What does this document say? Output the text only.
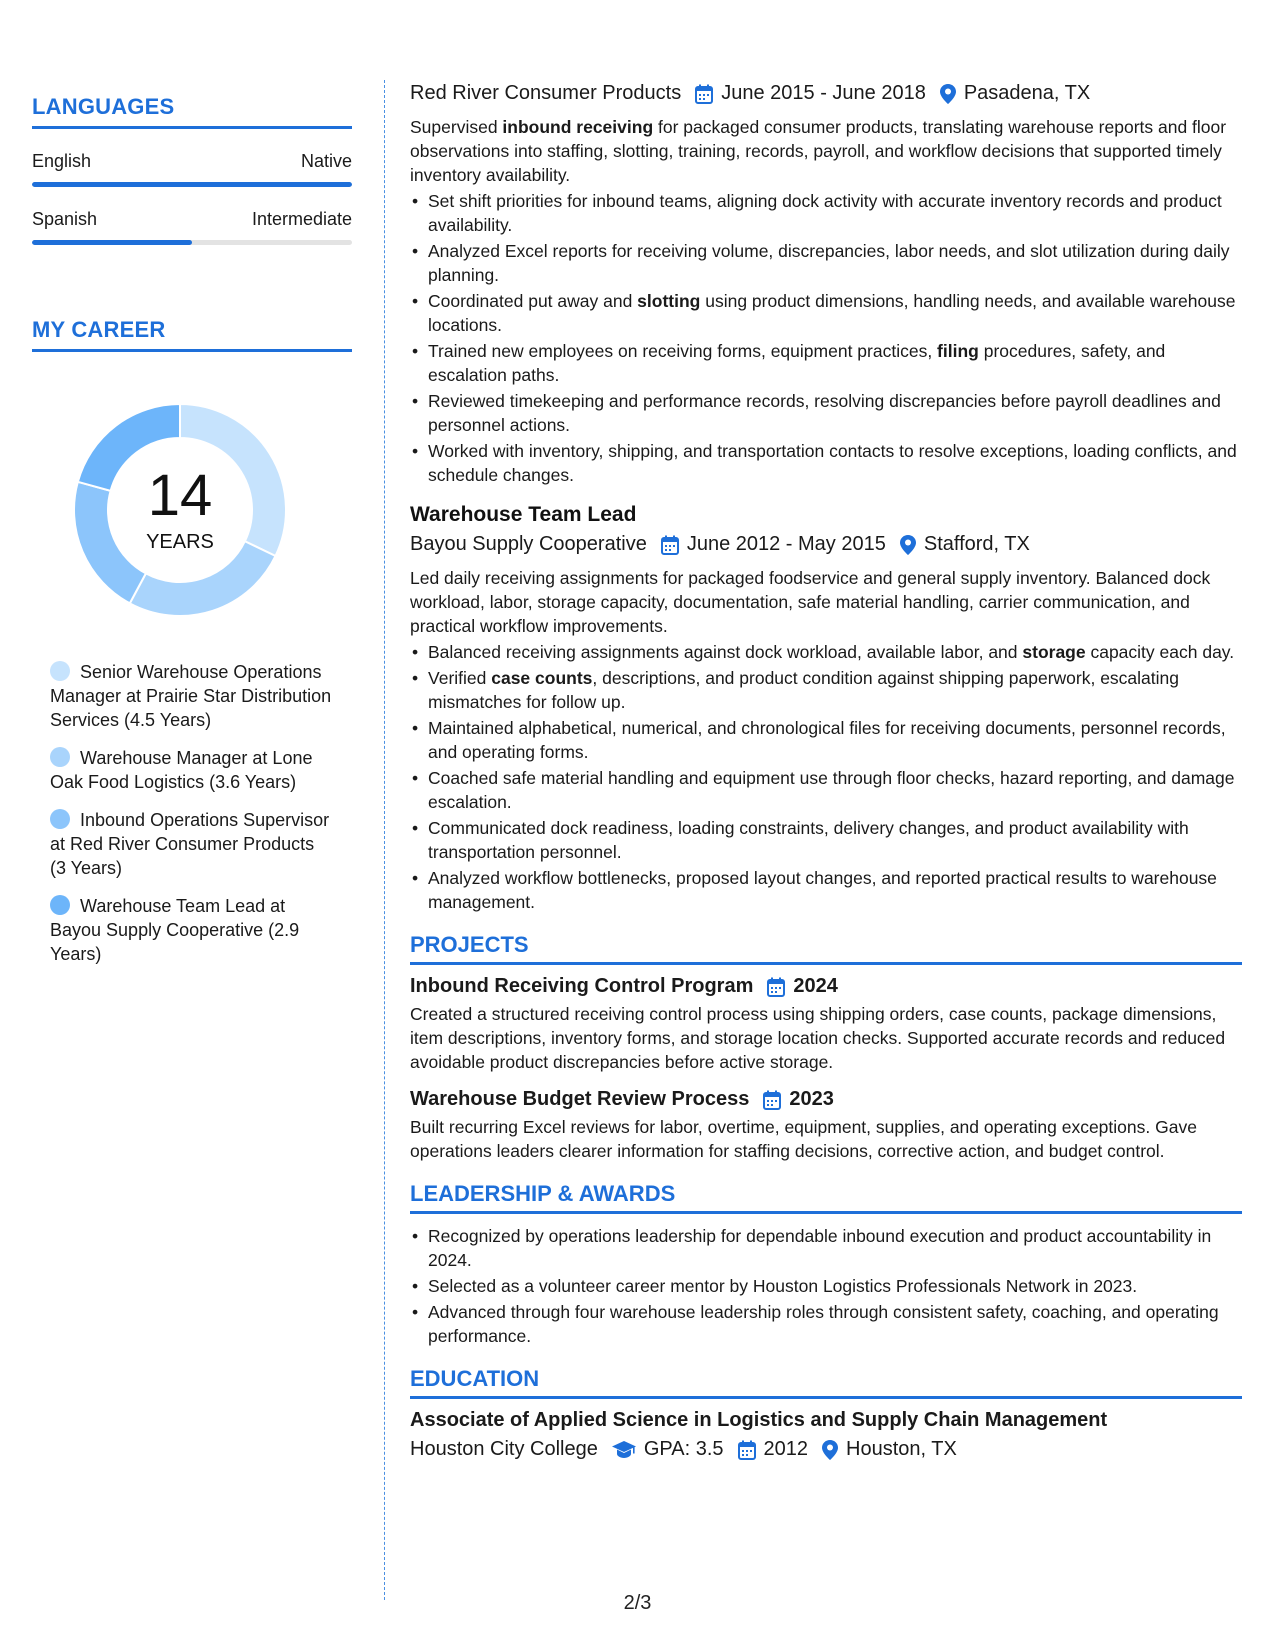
LANGUAGES
English	Native
Spanish	Intermediate
MY CAREER
14
YEARS
Senior Warehouse Operations Manager at Prairie Star Distribution Services (4.5 Years)
Warehouse Manager at Lone Oak Food Logistics (3.6 Years)
Inbound Operations Supervisor at Red River Consumer Products (3 Years)
Warehouse Team Lead at Bayou Supply Cooperative (2.9 Years)
Red River Consumer Products June 2015 - June 2018 Pasadena, TX
Supervised inbound receiving for packaged consumer products, translating warehouse reports and floor observations into staffing, slotting, training, records, payroll, and workflow decisions that supported timely inventory availability.
• Set shift priorities for inbound teams, aligning dock activity with accurate inventory records and product availability.
• Analyzed Excel reports for receiving volume, discrepancies, labor needs, and slot utilization during daily planning.
• Coordinated put away and slotting using product dimensions, handling needs, and available warehouse locations.
• Trained new employees on receiving forms, equipment practices, filing procedures, safety, and escalation paths.
• Reviewed timekeeping and performance records, resolving discrepancies before payroll deadlines and personnel actions.
• Worked with inventory, shipping, and transportation contacts to resolve exceptions, loading conflicts, and schedule changes.
Warehouse Team Lead
Bayou Supply Cooperative June 2012 - May 2015 Stafford, TX
Led daily receiving assignments for packaged foodservice and general supply inventory. Balanced dock workload, labor, storage capacity, documentation, safe material handling, carrier communication, and practical workflow improvements.
• Balanced receiving assignments against dock workload, available labor, and storage capacity each day.
• Verified case counts, descriptions, and product condition against shipping paperwork, escalating mismatches for follow up.
• Maintained alphabetical, numerical, and chronological files for receiving documents, personnel records, and operating forms.
• Coached safe material handling and equipment use through floor checks, hazard reporting, and damage escalation.
• Communicated dock readiness, loading constraints, delivery changes, and product availability with transportation personnel.
• Analyzed workflow bottlenecks, proposed layout changes, and reported practical results to warehouse management.
PROJECTS
Inbound Receiving Control Program 2024
Created a structured receiving control process using shipping orders, case counts, package dimensions, item descriptions, inventory forms, and storage location checks. Supported accurate records and reduced avoidable product discrepancies before active storage.
Warehouse Budget Review Process 2023
Built recurring Excel reviews for labor, overtime, equipment, supplies, and operating exceptions. Gave operations leaders clearer information for staffing decisions, corrective action, and budget control.
LEADERSHIP & AWARDS
• Recognized by operations leadership for dependable inbound execution and product accountability in 2024.
• Selected as a volunteer career mentor by Houston Logistics Professionals Network in 2023.
• Advanced through four warehouse leadership roles through consistent safety, coaching, and operating performance.
EDUCATION
Associate of Applied Science in Logistics and Supply Chain Management
Houston City College GPA: 3.5 2012 Houston, TX
2/3
